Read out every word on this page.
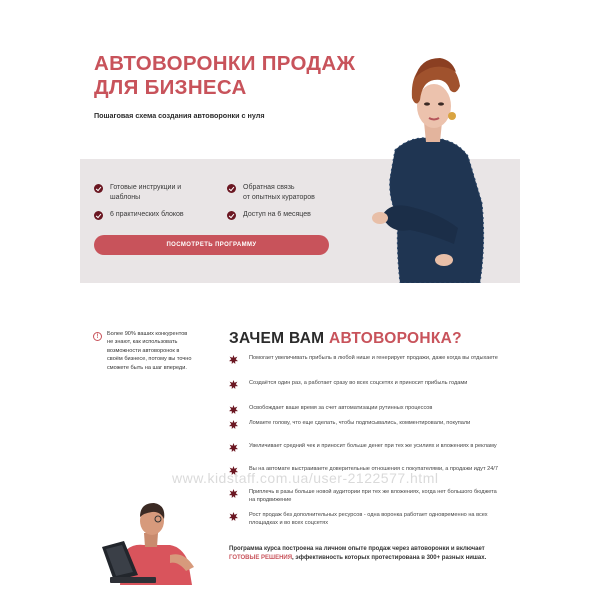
АВТОВОРОНКИ ПРОДАЖ
ДЛЯ БИЗНЕСА
Пошаговая схема создания автоворонки с нуля
Готовые инструкции и
шаблоны
Обратная связь
от опытных кураторов
6 практических блоков	Доступ на 6 месяцев
ПОСМОТРЕТЬ ПРОГРАММУ
!	Более 90% ваших конкурентов не знают, как использовать возможности автоворонок в своём бизнесе, потому вы точно сможете быть на шаг впереди.
ЗАЧЕМ ВАМ АВТОВОРОНКА?
Помогает увеличивать прибыль в любой нише и генерирует продажи, даже когда вы отдыхаете
Создаётся один раз, а работает сразу во всех соцсетях и приносит прибыль годами
Освобождает ваше время за счет автоматизации рутинных процессов
Ломаете голову, что еще сделать, чтобы подписывались, комментировали, покупали
Увеличивает средний чек и приносит больше денег при тех же усилиях и вложениях в рекламу
Вы на автомате выстраиваете доверительные отношения с покупателями, а продажи идут 24/7
Приплечь в разы больше новой аудитории при тех же вложениях, когда нет большого бюджета на продвижение
Рост продаж без дополнительных ресурсов - одна воронка работает одновременно на всех площадках и во всех соцсетях
www.kidstaff.com.ua/user-2122577.html

Программа курса построена на личном опыте продаж через автоворонки и включает ГОТОВЫЕ РЕШЕНИЯ, эффективность которых протестирована в 300+ разных нишах.
